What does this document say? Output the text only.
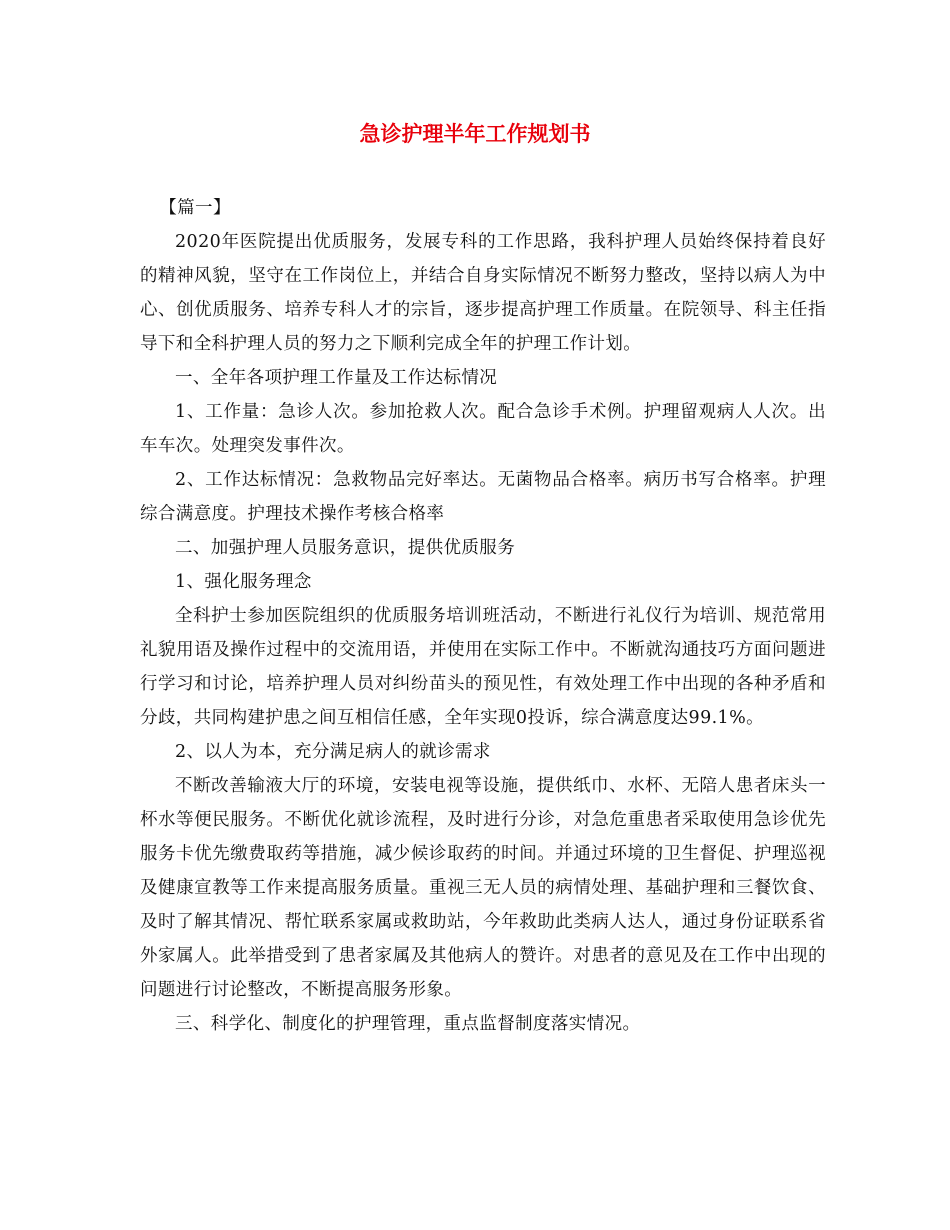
急诊护理半年工作规划书

【篇一】

2020年医院提出优质服务，发展专科的工作思路，我科护理人员始终保持着良好的精神风貌，坚守在工作岗位上，并结合自身实际情况不断努力整改，坚持以病人为中心、创优质服务、培养专科人才的宗旨，逐步提高护理工作质量。在院领导、科主任指导下和全科护理人员的努力之下顺利完成全年的护理工作计划。

一、全年各项护理工作量及工作达标情况

1、工作量：急诊人次。参加抢救人次。配合急诊手术例。护理留观病人人次。出车车次。处理突发事件次。

2、工作达标情况：急救物品完好率达。无菌物品合格率。病历书写合格率。护理综合满意度。护理技术操作考核合格率

二、加强护理人员服务意识，提供优质服务

1、强化服务理念

全科护士参加医院组织的优质服务培训班活动，不断进行礼仪行为培训、规范常用礼貌用语及操作过程中的交流用语，并使用在实际工作中。不断就沟通技巧方面问题进行学习和讨论，培养护理人员对纠纷苗头的预见性，有效处理工作中出现的各种矛盾和分歧，共同构建护患之间互相信任感，全年实现0投诉，综合满意度达99.1%。

2、以人为本，充分满足病人的就诊需求

不断改善输液大厅的环境，安装电视等设施，提供纸巾、水杯、无陪人患者床头一杯水等便民服务。不断优化就诊流程，及时进行分诊，对急危重患者采取使用急诊优先服务卡优先缴费取药等措施，减少候诊取药的时间。并通过环境的卫生督促、护理巡视及健康宣教等工作来提高服务质量。重视三无人员的病情处理、基础护理和三餐饮食、及时了解其情况、帮忙联系家属或救助站，今年救助此类病人达人，通过身份证联系省外家属人。此举措受到了患者家属及其他病人的赞许。对患者的意见及在工作中出现的问题进行讨论整改，不断提高服务形象。

三、科学化、制度化的护理管理，重点监督制度落实情况。
